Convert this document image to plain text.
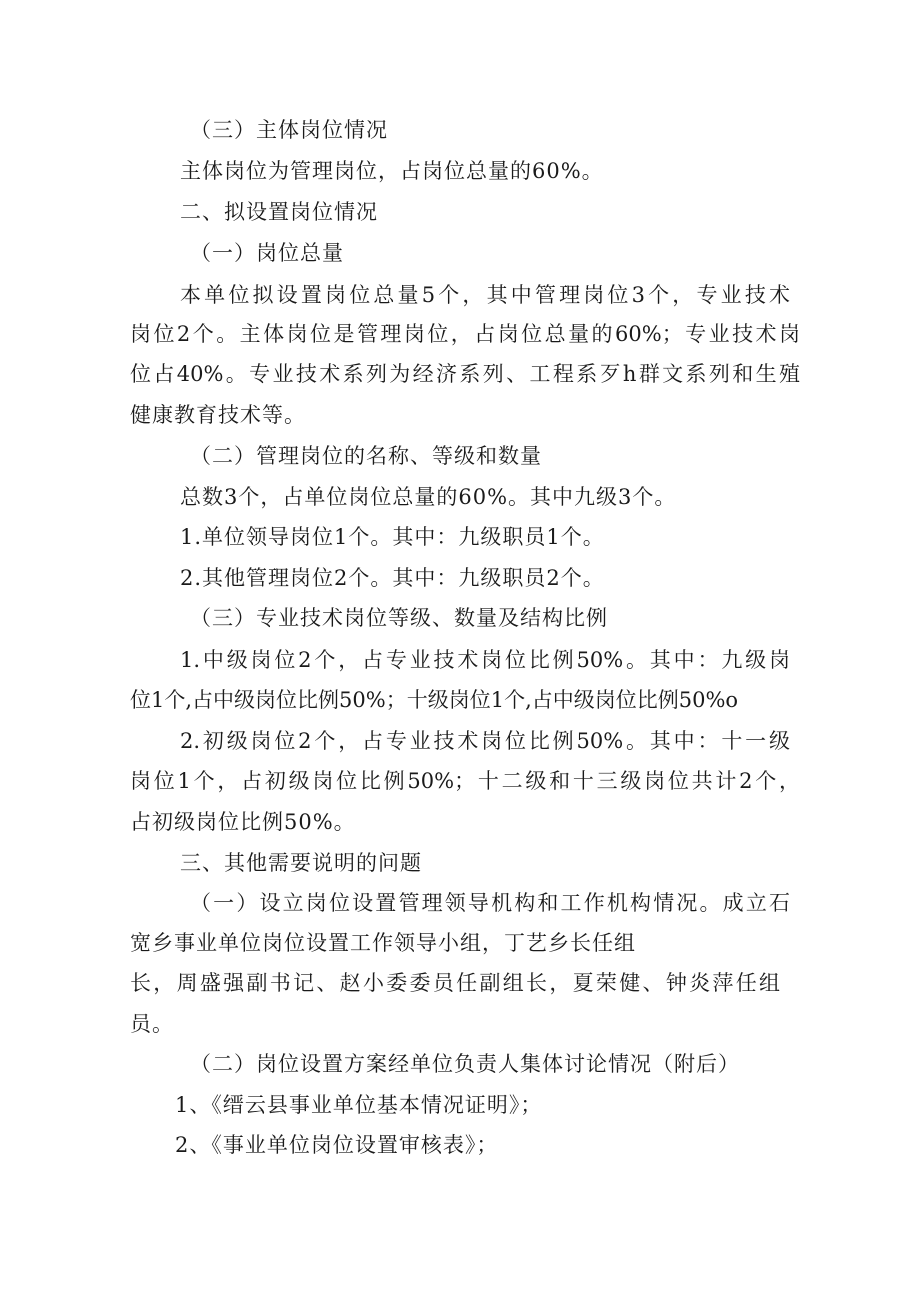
（三）主体岗位情况
主体岗位为管理岗位，占岗位总量的60%。
二、拟设置岗位情况
（一）岗位总量
本单位拟设置岗位总量5个，其中管理岗位3个，专业技术
岗位2个。主体岗位是管理岗位，占岗位总量的60%；专业技术岗
位占40%。专业技术系列为经济系列、工程系歹h群文系列和生殖
健康教育技术等。
（二）管理岗位的名称、等级和数量
总数3个，占单位岗位总量的60%。其中九级3个。
1.单位领导岗位1个。其中：九级职员1个。
2.其他管理岗位2个。其中：九级职员2个。
（三）专业技术岗位等级、数量及结构比例
1.中级岗位2个，占专业技术岗位比例50%。其中：九级岗
位1个,占中级岗位比例50%；十级岗位1个,占中级岗位比例50%o
2.初级岗位2个，占专业技术岗位比例50%。其中：十一级
岗位1个，占初级岗位比例50%；十二级和十三级岗位共计2个，
占初级岗位比例50%。
三、其他需要说明的问题
（一）设立岗位设置管理领导机构和工作机构情况。成立石
宽乡事业单位岗位设置工作领导小组，丁艺乡长任组
长，周盛强副书记、赵小委委员任副组长，夏荣健、钟炎萍任组
员。
（二）岗位设置方案经单位负责人集体讨论情况（附后）
1、《缙云县事业单位基本情况证明》；
2、《事业单位岗位设置审核表》；
